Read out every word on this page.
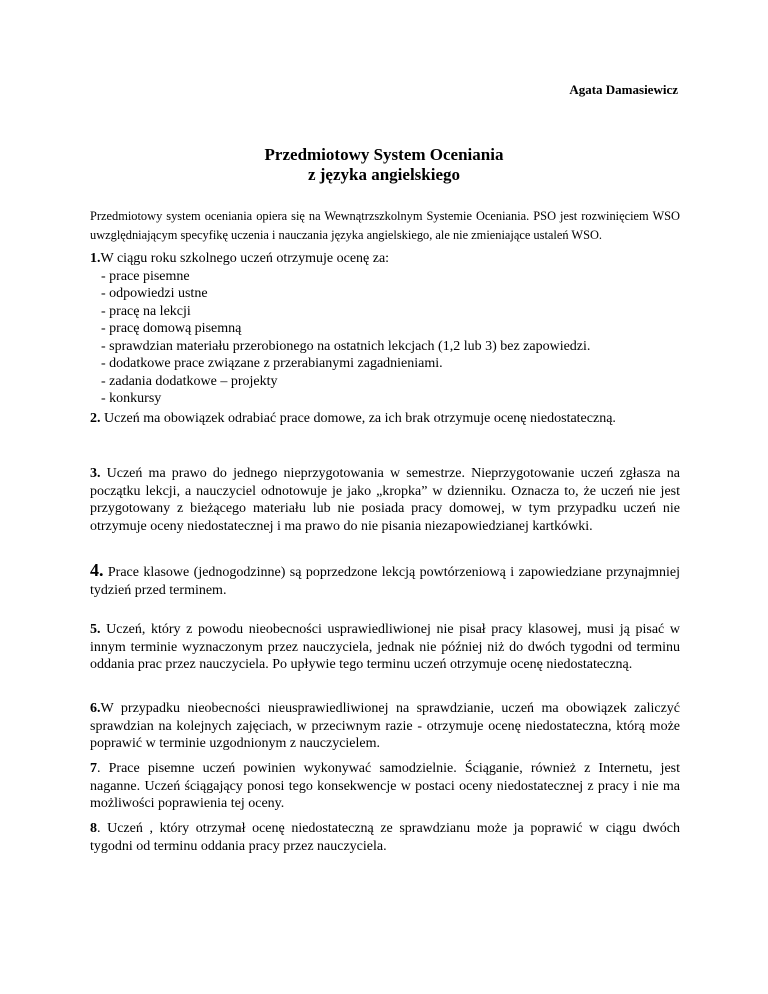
Agata Damasiewicz
Przedmiotowy System Oceniania
z języka angielskiego
Przedmiotowy system oceniania opiera się na Wewnątrzszkolnym Systemie Oceniania. PSO jest rozwinięciem WSO uwzględniającym specyfikę uczenia i nauczania języka angielskiego, ale nie zmieniające ustaleń WSO.
1.W ciągu roku szkolnego uczeń otrzymuje ocenę za:
- prace pisemne
- odpowiedzi ustne
- pracę na lekcji
- pracę domową pisemną
- sprawdzian materiału przerobionego na ostatnich lekcjach (1,2 lub 3) bez zapowiedzi.
- dodatkowe prace związane z przerabianymi zagadnieniami.
- zadania dodatkowe – projekty
- konkursy
2. Uczeń ma obowiązek odrabiać prace domowe, za ich brak otrzymuje ocenę niedostateczną.
3. Uczeń ma prawo do jednego nieprzygotowania w semestrze. Nieprzygotowanie uczeń zgłasza na początku lekcji, a nauczyciel odnotowuje je jako „kropka” w dzienniku. Oznacza to, że uczeń nie jest przygotowany z bieżącego materiału lub nie posiada pracy domowej, w tym przypadku uczeń nie otrzymuje oceny niedostatecznej i ma prawo do nie pisania niezapowiedzianej kartkówki.
4. Prace klasowe (jednogodzinne) są poprzedzone lekcją powtórzeniową i zapowiedziane przynajmniej tydzień przed terminem.
5. Uczeń, który z powodu nieobecności usprawiedliwionej nie pisał pracy klasowej, musi ją pisać w innym terminie wyznaczonym przez nauczyciela, jednak nie później niż do dwóch tygodni od terminu oddania prac przez nauczyciela. Po upływie tego terminu uczeń otrzymuje ocenę niedostateczną.
6.W przypadku nieobecności nieusprawiedliwionej na sprawdzianie, uczeń ma obowiązek zaliczyć sprawdzian na kolejnych zajęciach, w przeciwnym razie - otrzymuje ocenę niedostateczna, którą może poprawić w terminie uzgodnionym z nauczycielem.
7. Prace pisemne uczeń powinien wykonywać samodzielnie. Ściąganie, również z Internetu, jest naganne. Uczeń ściągający ponosi tego konsekwencje w postaci oceny niedostatecznej z pracy i nie ma możliwości poprawienia tej oceny.
8. Uczeń , który otrzymał ocenę niedostateczną ze sprawdzianu może ja poprawić w ciągu dwóch tygodni od terminu oddania pracy przez nauczyciela.
